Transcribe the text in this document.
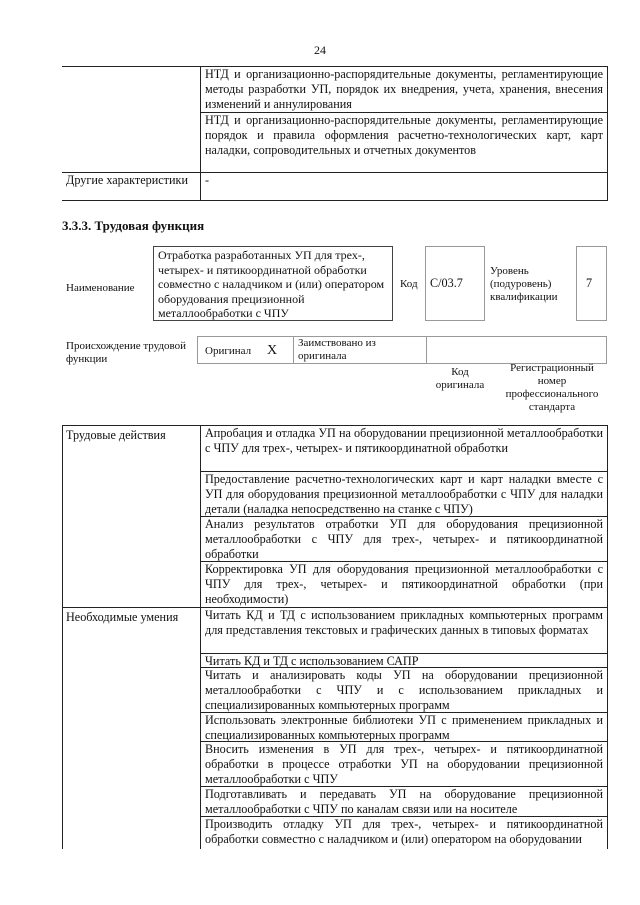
24
НТД и организационно-распорядительные документы, регламентирующие методы разработки УП, порядок их внедрения, учета, хранения, внесения изменений и аннулирования
НТД и организационно-распорядительные документы, регламентирующие порядок и правила оформления расчетно-технологических карт, карт наладки, сопроводительных и отчетных документов
Другие характеристики	-
3.3.3. Трудовая функция
Наименование
Отработка разработанных УП для трех-, четырех- и пятикоординатной обработки совместно с наладчиком и (или) оператором оборудования прецизионной металлообработки с ЧПУ
Код	С/03.7
Уровень (подуровень) квалификации
7
Происхождение трудовой функции
Оригинал	X	Заимствовано из оригинала
Код оригинала
Регистрационный номер профессионального стандарта
Трудовые действия	Апробация и отладка УП на оборудовании прецизионной металлообработки с ЧПУ для трех-, четырех- и пятикоординатной обработки
Предоставление расчетно-технологических карт и карт наладки вместе с УП для оборудования прецизионной металлообработки с ЧПУ для наладки детали (наладка непосредственно на станке с ЧПУ)
Анализ результатов отработки УП для оборудования прецизионной металлообработки с ЧПУ для трех-, четырех- и пятикоординатной обработки
Корректировка УП для оборудования прецизионной металлообработки с ЧПУ для трех-, четырех- и пятикоординатной обработки (при необходимости)
Необходимые умения	Читать КД и ТД с использованием прикладных компьютерных программ для представления текстовых и графических данных в типовых форматах
Читать КД и ТД с использованием САПР
Читать и анализировать коды УП на оборудовании прецизионной металлообработки с ЧПУ и с использованием прикладных и специализированных компьютерных программ
Использовать электронные библиотеки УП с применением прикладных и специализированных компьютерных программ
Вносить изменения в УП для трех-, четырех- и пятикоординатной обработки в процессе отработки УП на оборудовании прецизионной металлообработки с ЧПУ
Подготавливать и передавать УП на оборудование прецизионной металлообработки с ЧПУ по каналам связи или на носителе
Производить отладку УП для трех-, четырех- и пятикоординатной обработки совместно с наладчиком и (или) оператором на оборудовании
